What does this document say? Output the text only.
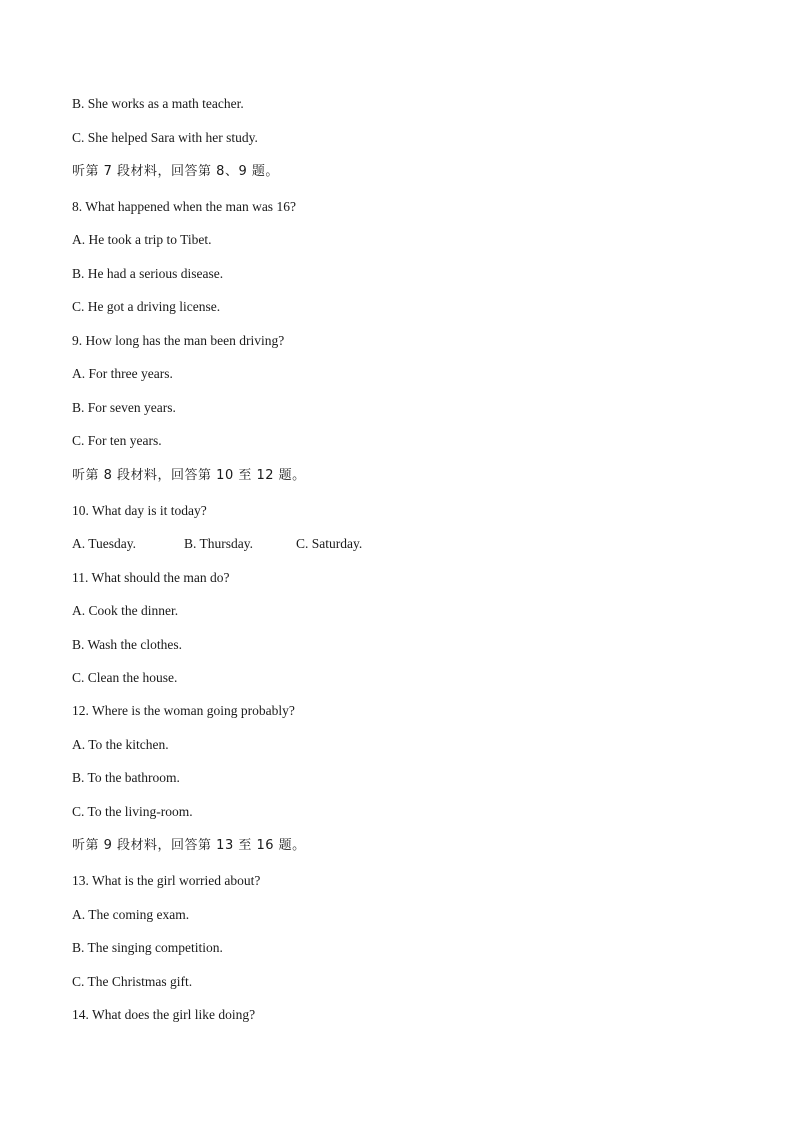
B. She works as a math teacher.
C. She helped Sara with her study.
听第 7 段材料，回答第 8、9 题。
8. What happened when the man was 16?
A. He took a trip to Tibet.
B. He had a serious disease.
C. He got a driving license.
9. How long has the man been driving?
A. For three years.
B. For seven years.
C. For ten years.
听第 8 段材料，回答第 10 至 12 题。
10. What day is it today?
A. Tuesday.	B. Thursday.	C. Saturday.
11. What should the man do?
A. Cook the dinner.
B. Wash the clothes.
C. Clean the house.
12. Where is the woman going probably?
A. To the kitchen.
B. To the bathroom.
C. To the living-room.
听第 9 段材料，回答第 13 至 16 题。
13. What is the girl worried about?
A. The coming exam.
B. The singing competition.
C. The Christmas gift.
14. What does the girl like doing?
